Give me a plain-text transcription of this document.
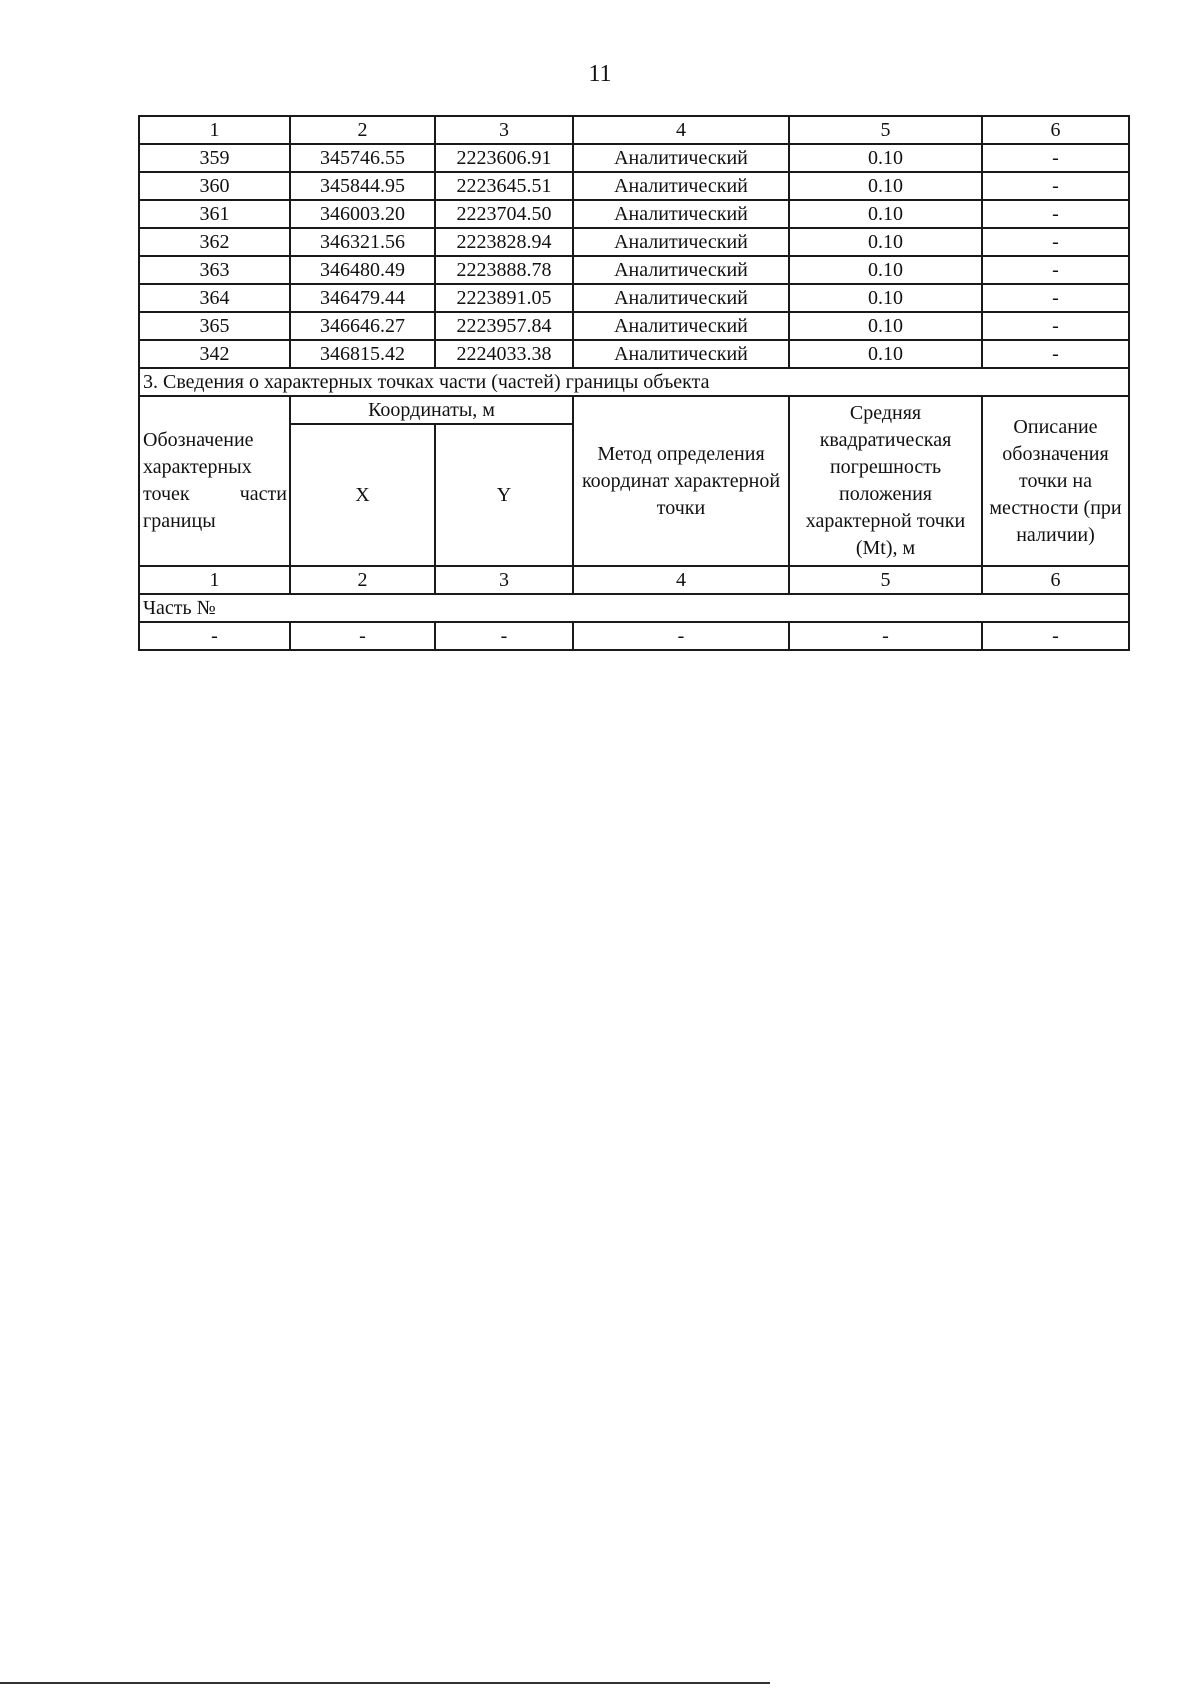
11
1	2	3	4	5	6
359	345746.55	2223606.91	Аналитический	0.10	-
360	345844.95	2223645.51	Аналитический	0.10	-
361	346003.20	2223704.50	Аналитический	0.10	-
362	346321.56	2223828.94	Аналитический	0.10	-
363	346480.49	2223888.78	Аналитический	0.10	-
364	346479.44	2223891.05	Аналитический	0.10	-
365	346646.27	2223957.84	Аналитический	0.10	-
342	346815.42	2224033.38	Аналитический	0.10	-
3. Сведения о характерных точках части (частей) границы объекта					
Обозначение характерных точек части границы	Координаты, м		Метод определения координат характерной точки	Средняя квадратическая погрешность положения характерной точки (Mt), м	Описание обозначения точки на местности (при наличии)
	X	Y			
1	2	3	4	5	6
Часть №					
-	-	-	-	-	-
